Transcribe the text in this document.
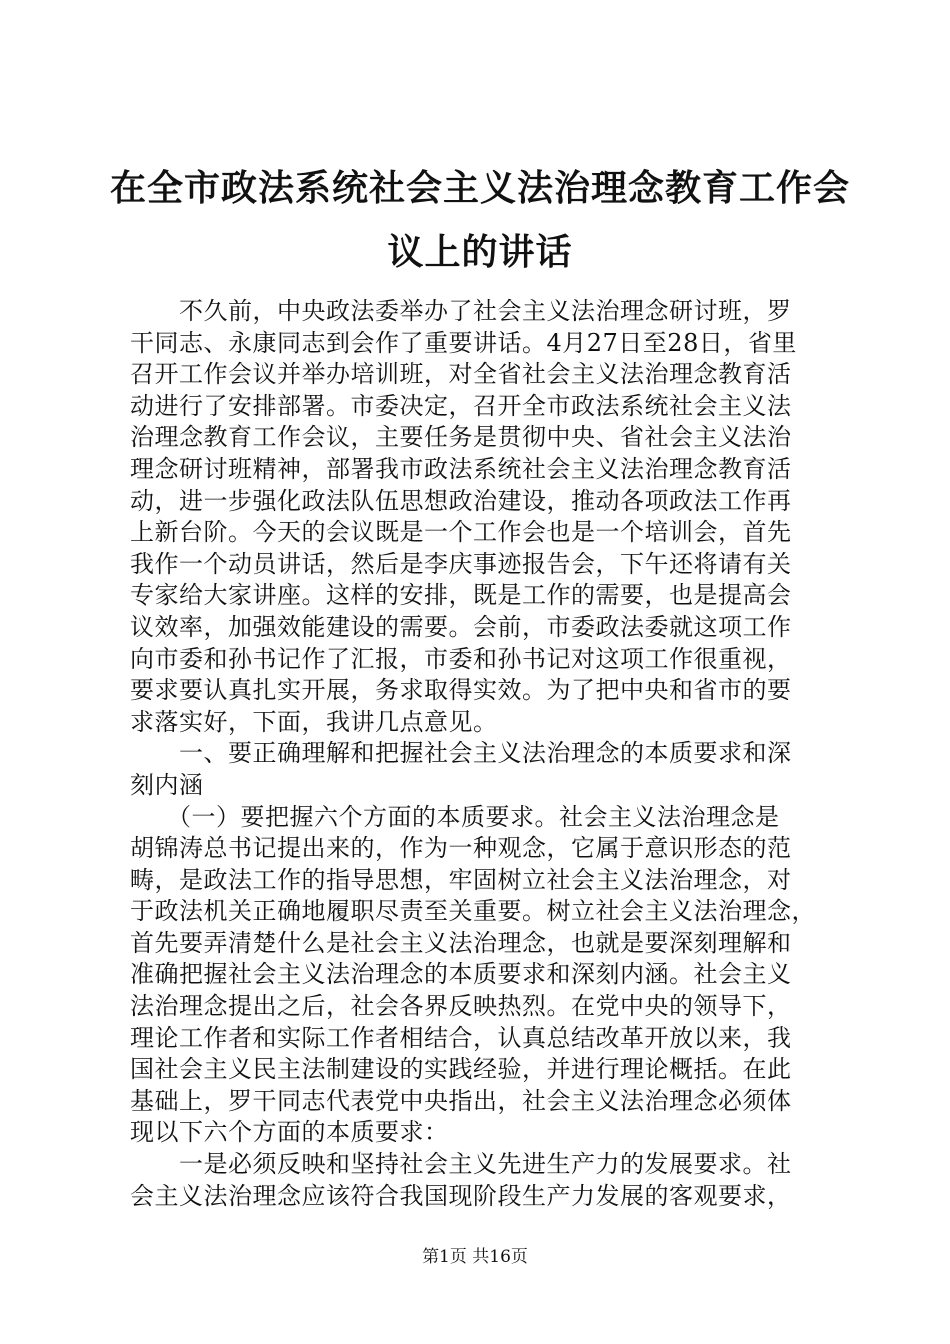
在全市政法系统社会主义法治理念教育工作会
议上的讲话

　　不久前，中央政法委举办了社会主义法治理念研讨班，罗
干同志、永康同志到会作了重要讲话。4月27日至28日，省里
召开工作会议并举办培训班，对全省社会主义法治理念教育活
动进行了安排部署。市委决定，召开全市政法系统社会主义法
治理念教育工作会议，主要任务是贯彻中央、省社会主义法治
理念研讨班精神，部署我市政法系统社会主义法治理念教育活
动，进一步强化政法队伍思想政治建设，推动各项政法工作再
上新台阶。今天的会议既是一个工作会也是一个培训会，首先
我作一个动员讲话，然后是李庆事迹报告会，下午还将请有关
专家给大家讲座。这样的安排，既是工作的需要，也是提高会
议效率，加强效能建设的需要。会前，市委政法委就这项工作
向市委和孙书记作了汇报，市委和孙书记对这项工作很重视，
要求要认真扎实开展，务求取得实效。为了把中央和省市的要
求落实好，下面，我讲几点意见。

　　一、要正确理解和把握社会主义法治理念的本质要求和深
刻内涵

　　（一）要把握六个方面的本质要求。社会主义法治理念是
胡锦涛总书记提出来的，作为一种观念，它属于意识形态的范
畴，是政法工作的指导思想，牢固树立社会主义法治理念，对
于政法机关正确地履职尽责至关重要。树立社会主义法治理念，
首先要弄清楚什么是社会主义法治理念，也就是要深刻理解和
准确把握社会主义法治理念的本质要求和深刻内涵。社会主义
法治理念提出之后，社会各界反映热烈。在党中央的领导下，
理论工作者和实际工作者相结合，认真总结改革开放以来，我
国社会主义民主法制建设的实践经验，并进行理论概括。在此
基础上，罗干同志代表党中央指出，社会主义法治理念必须体
现以下六个方面的本质要求：

　　一是必须反映和坚持社会主义先进生产力的发展要求。社
会主义法治理念应该符合我国现阶段生产力发展的客观要求，

第1页 共16页
